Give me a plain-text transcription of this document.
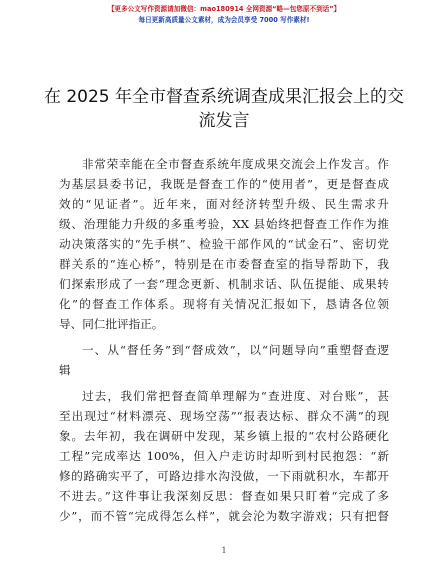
【更多公文写作资源请加微信：mao180914 全网资源“略—包您原不到话”】
每日更新高质量公文素材，成为会员享受 7000 写作素材!
在 2025 年全市督查系统调查成果汇报会上的交
流发言
非常荣幸能在全市督查系统年度成果交流会上作发言。作
为基层县委书记，我既是督查工作的“使用者”，更是督查成
效的“见证者”。近年来，面对经济转型升级、民生需求升
级、治理能力升级的多重考验，XX 县始终把督查工作作为推
动决策落实的“先手棋”、检验干部作风的“试金石”、密切党
群关系的“连心桥”，特别是在市委督查室的指导帮助下，我
们探索形成了一套“理念更新、机制求话、队伍提能、成果转
化”的督查工作体系。现将有关情况汇报如下，恳请各位领
导、同仁批评指正。
一、从“督任务”到“督成效”，以“问题导向”重塑督查逻
辑
过去，我们常把督查简单理解为“查进度、对台账”，甚
至出现过“材料漂亮、现场空荡”“报表达标、群众不满”的现
象。去年初，我在调研中发现，某乡镇上报的“农村公路硬化
工程”完成率达 100%，但入户走访时却听到村民抱怨：“新
修的路确实平了，可路边排水沟没做，一下雨就积水，车都开
不进去。”这件事让我深刻反思：督查如果只盯着“完成了多
少”，而不管“完成得怎么样”，就会沦为数字游戏；只有把督
1
